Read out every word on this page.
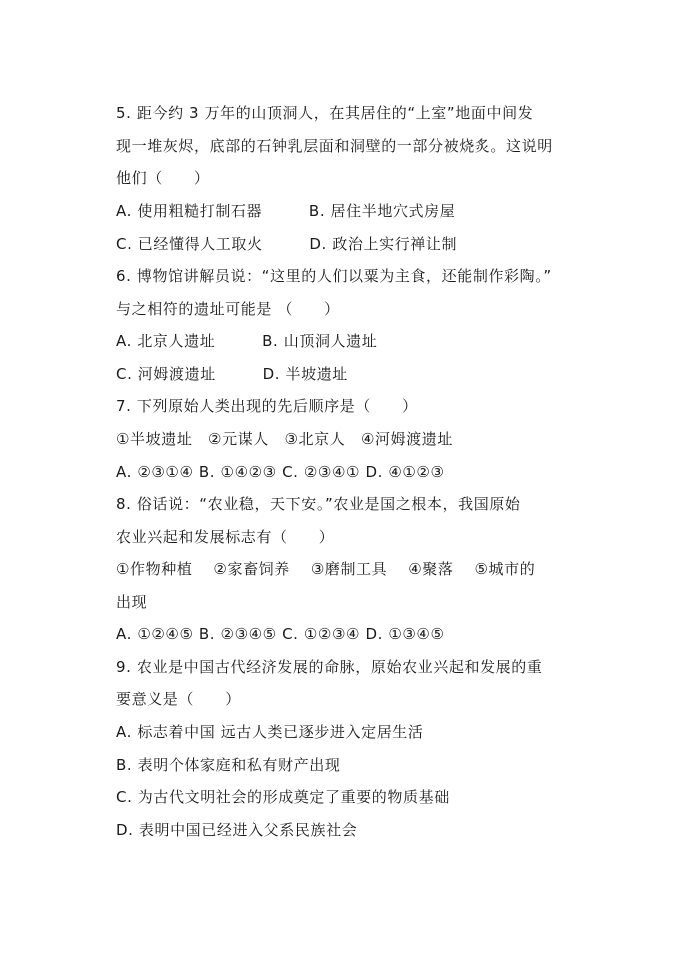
5. 距今约 3 万年的山顶洞人，在其居住的“上室”地面中间发
现一堆灰烬，底部的石钟乳层面和洞壁的一部分被烧炙。这说明
他们（　　）
A. 使用粗糙打制石器　　　B. 居住半地穴式房屋
C. 已经懂得人工取火　　　D. 政治上实行禅让制
6. 博物馆讲解员说：“这里的人们以粟为主食，还能制作彩陶。”
与之相符的遗址可能是 （　　）
A. 北京人遗址　　　B. 山顶洞人遗址
C. 河姆渡遗址　　　D. 半坡遗址
7. 下列原始人类出现的先后顺序是（　　）
①半坡遗址　②元谋人　③北京人　④河姆渡遗址
A. ②③①④ B. ①④②③ C. ②③④① D. ④①②③
8. 俗话说：“农业稳，天下安。”农业是国之根本，我国原始
农业兴起和发展标志有（　　）
①作物种植　 ②家畜饲养　 ③磨制工具　 ④聚落　 ⑤城市的
出现
A. ①②④⑤ B. ②③④⑤ C. ①②③④ D. ①③④⑤
9. 农业是中国古代经济发展的命脉，原始农业兴起和发展的重
要意义是（　　）
A. 标志着中国 远古人类已逐步进入定居生活
B. 表明个体家庭和私有财产出现
C. 为古代文明社会的形成奠定了重要的物质基础
D. 表明中国已经进入父系民族社会
